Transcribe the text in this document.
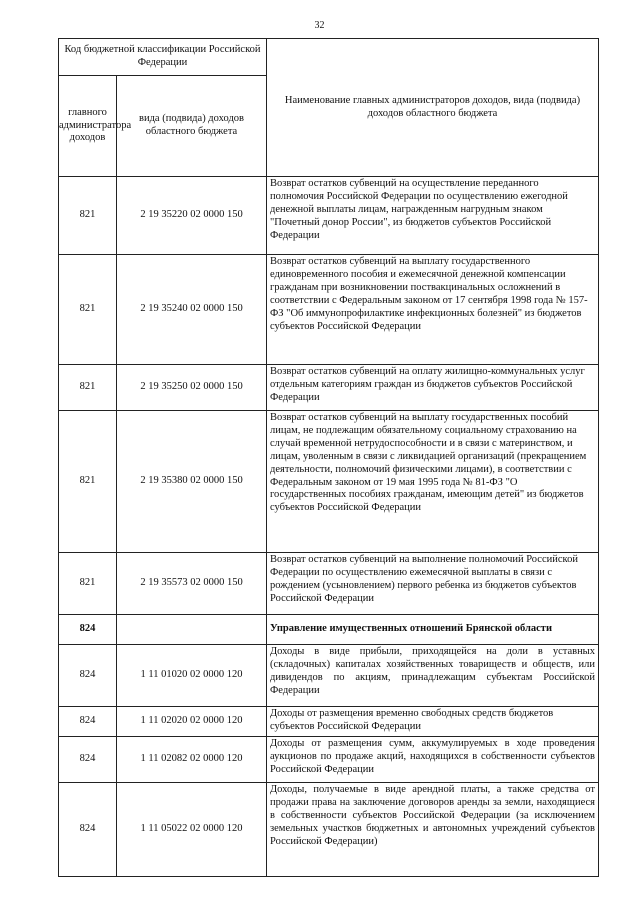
32
Код бюджетной классификации Российской Федерации		Наименование главных администраторов доходов, вида (подвида) доходов областного бюджета
главного администратора доходов	вида (подвида) доходов областного бюджета	
821	2 19 35220 02 0000 150	Возврат остатков субвенций на осуществление переданного полномочия Российской Федерации по осуществлению ежегодной денежной выплаты лицам, награжденным нагрудным знаком "Почетный донор России", из бюджетов субъектов Российской Федерации
821	2 19 35240 02 0000 150	Возврат остатков субвенций на выплату государственного единовременного пособия и ежемесячной денежной компенсации гражданам при возникновении поствакцинальных осложнений в соответствии с Федеральным законом от 17 сентября 1998 года № 157-ФЗ "Об иммунопрофилактике инфекционных болезней" из бюджетов субъектов Российской Федерации
821	2 19 35250 02 0000 150	Возврат остатков субвенций на оплату жилищно-коммунальных услуг отдельным категориям граждан из бюджетов субъектов Российской Федерации
821	2 19 35380 02 0000 150	Возврат остатков субвенций на выплату государственных пособий лицам, не подлежащим обязательному социальному страхованию на случай временной нетрудоспособности и в связи с материнством, и лицам, уволенным в связи с ликвидацией организаций (прекращением деятельности, полномочий физическими лицами), в соответствии с Федеральным законом от 19 мая 1995 года № 81-ФЗ "О государственных пособиях гражданам, имеющим детей" из бюджетов субъектов Российской Федерации
821	2 19 35573 02 0000 150	Возврат остатков субвенций на выполнение полномочий Российской Федерации по осуществлению ежемесячной выплаты в связи с рождением (усыновлением) первого ребенка из бюджетов субъектов Российской Федерации
824		Управление имущественных отношений Брянской области
824	1 11 01020 02 0000 120	Доходы в виде прибыли, приходящейся на доли в уставных (складочных) капиталах хозяйственных товариществ и обществ, или дивидендов по акциям, принадлежащим субъектам Российской Федерации
824	1 11 02020 02 0000 120	Доходы от размещения временно свободных средств бюджетов субъектов Российской Федерации
824	1 11 02082 02 0000 120	Доходы от размещения сумм, аккумулируемых в ходе проведения аукционов по продаже акций, находящихся в собственности субъектов Российской Федерации
824	1 11 05022 02 0000 120	Доходы, получаемые в виде арендной платы, а также средства от продажи права на заключение договоров аренды за земли, находящиеся в собственности субъектов Российской Федерации (за исключением земельных участков бюджетных и автономных учреждений субъектов Российской Федерации)
